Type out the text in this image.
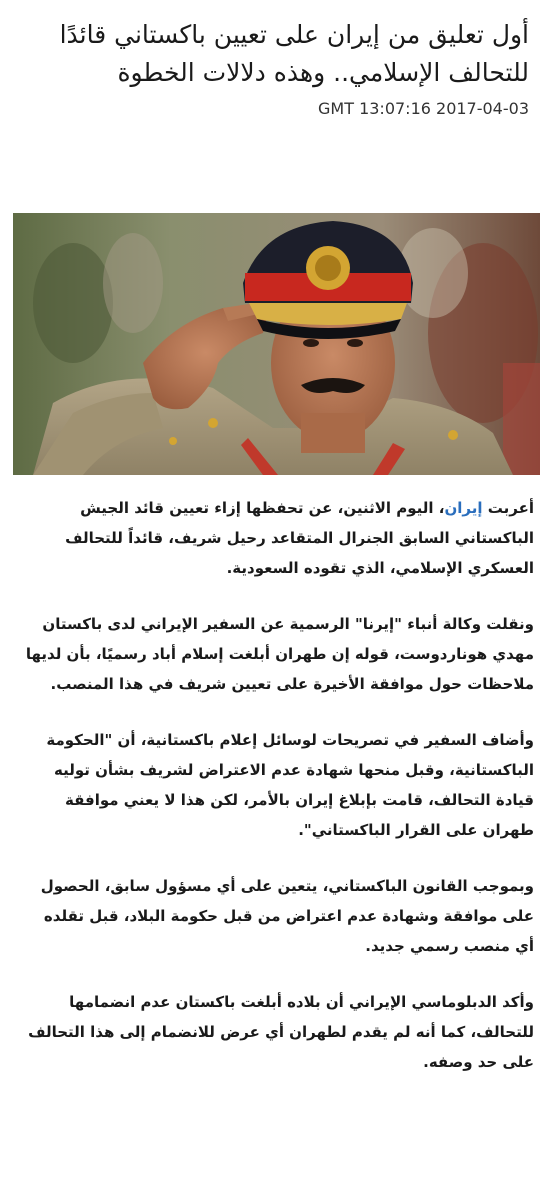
أول تعليق من إيران على تعيين باكستاني قائدًا للتحالف الإسلامي.. وهذه دلالات الخطوة
GMT 13:07:16 2017-04-03

أعربت إيران، اليوم الاثنين، عن تحفظها إزاء تعيين قائد الجيش الباكستاني السابق الجنرال المتقاعد رحيل شريف، قائداً للتحالف العسكري الإسلامي، الذي تقوده السعودية.

ونقلت وكالة أنباء "إيرنا" الرسمية عن السفير الإيراني لدى باكستان مهدي هوناردوست، قوله إن طهران أبلغت إسلام أباد رسميًا، بأن لديها ملاحظات حول موافقة الأخيرة على تعيين شريف في هذا المنصب.

وأضاف السفير في تصريحات لوسائل إعلام باكستانية، أن "الحكومة الباكستانية، وقبل منحها شهادة عدم الاعتراض لشريف بشأن توليه قيادة التحالف، قامت بإبلاغ إيران بالأمر، لكن هذا لا يعني موافقة طهران على القرار الباكستاني".

وبموجب القانون الباكستاني، يتعين على أي مسؤول سابق، الحصول على موافقة وشهادة عدم اعتراض من قبل حكومة البلاد، قبل تقلده أي منصب رسمي جديد.

وأكد الدبلوماسي الإيراني أن بلاده أبلغت باكستان عدم انضمامها للتحالف، كما أنه لم يقدم لطهران أي عرض للانضمام إلى هذا التحالف على حد وصفه.
